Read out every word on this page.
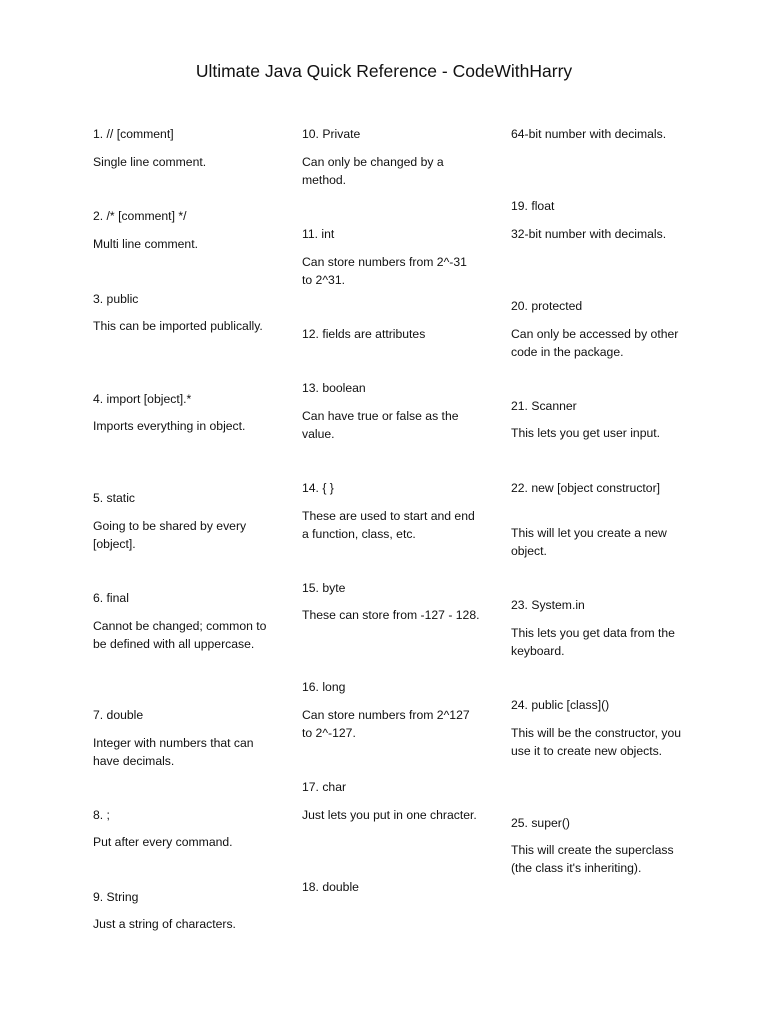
Ultimate Java Quick Reference - CodeWithHarry

1. // [comment]

Single line comment.

2. /* [comment] */

Multi line comment.

3. public

This can be imported publically.

4. import [object].*

Imports everything in object.

5. static

Going to be shared by every [object].

6. final

Cannot be changed; common to be defined with all uppercase.

7. double

Integer with numbers that can have decimals.

8. ;

Put after every command.

9. String

Just a string of characters.

10. Private

Can only be changed by a method.

11. int

Can store numbers from 2^-31 to 2^31.

12. fields are attributes

13. boolean

Can have true or false as the value.

14. { }

These are used to start and end a function, class, etc.

15. byte

These can store from -127 - 128.

16. long

Can store numbers from 2^127 to 2^-127.

17. char

Just lets you put in one chracter.

18. double

64-bit number with decimals.

19. float

32-bit number with decimals.

20. protected

Can only be accessed by other code in the package.

21. Scanner

This lets you get user input.

22. new [object constructor]

This will let you create a new object.

23. System.in

This lets you get data from the keyboard.

24. public [class]()

This will be the constructor, you use it to create new objects.

25. super()

This will create the superclass (the class it's inheriting).
